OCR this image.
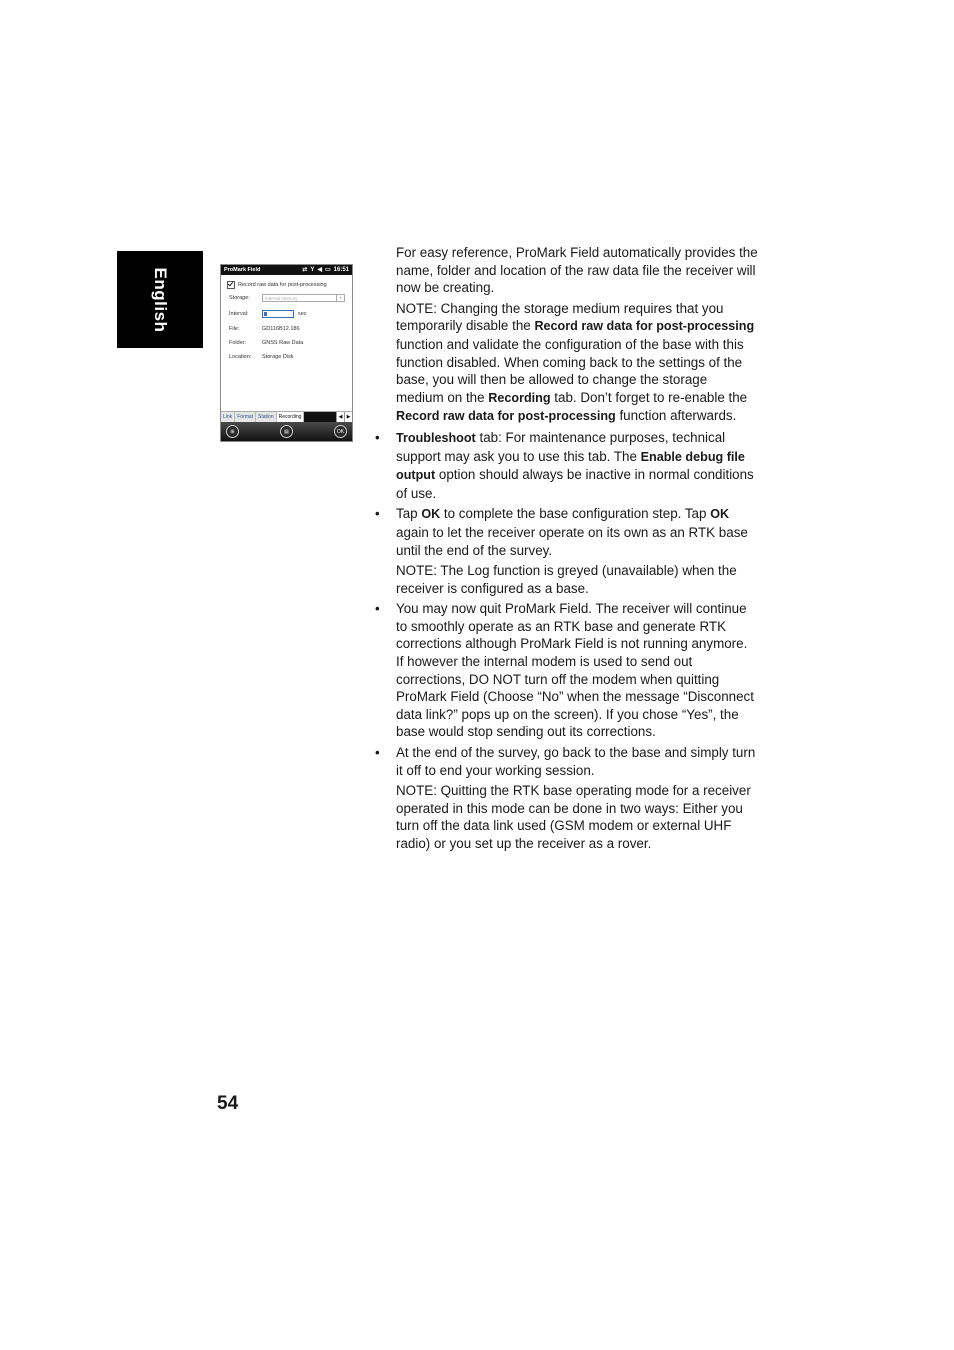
English	ProMark Field	⇄ Y ◀ ▭ 16:51
Record raw data for post-processing
Storage:	Internal memory	▾
Interval:	sec
File:	GD116B12.186
Folder:	GNSS Raw Data
Location:	Storage Disk
Link	Format	Station	Recording	◀ ▶
⊞	▤	OK

For easy reference, ProMark Field automatically provides the name, folder and location of the raw data file the receiver will now be creating.

NOTE: Changing the storage medium requires that you temporarily disable the Record raw data for post-processing function and validate the configuration of the base with this function disabled. When coming back to the settings of the base, you will then be allowed to change the storage medium on the Recording tab. Don’t forget to re-enable the Record raw data for post-processing function afterwards.

• Troubleshoot tab: For maintenance purposes, technical support may ask you to use this tab. The Enable debug file output option should always be inactive in normal conditions of use.

• Tap OK to complete the base configuration step. Tap OK again to let the receiver operate on its own as an RTK base until the end of the survey.

NOTE: The Log function is greyed (unavailable) when the receiver is configured as a base.

• You may now quit ProMark Field. The receiver will continue to smoothly operate as an RTK base and generate RTK corrections although ProMark Field is not running anymore. If however the internal modem is used to send out corrections, DO NOT turn off the modem when quitting ProMark Field (Choose “No” when the message “Disconnect data link?” pops up on the screen). If you chose “Yes”, the base would stop sending out its corrections.

• At the end of the survey, go back to the base and simply turn it off to end your working session.

NOTE: Quitting the RTK base operating mode for a receiver operated in this mode can be done in two ways: Either you turn off the data link used (GSM modem or external UHF radio) or you set up the receiver as a rover.

54
